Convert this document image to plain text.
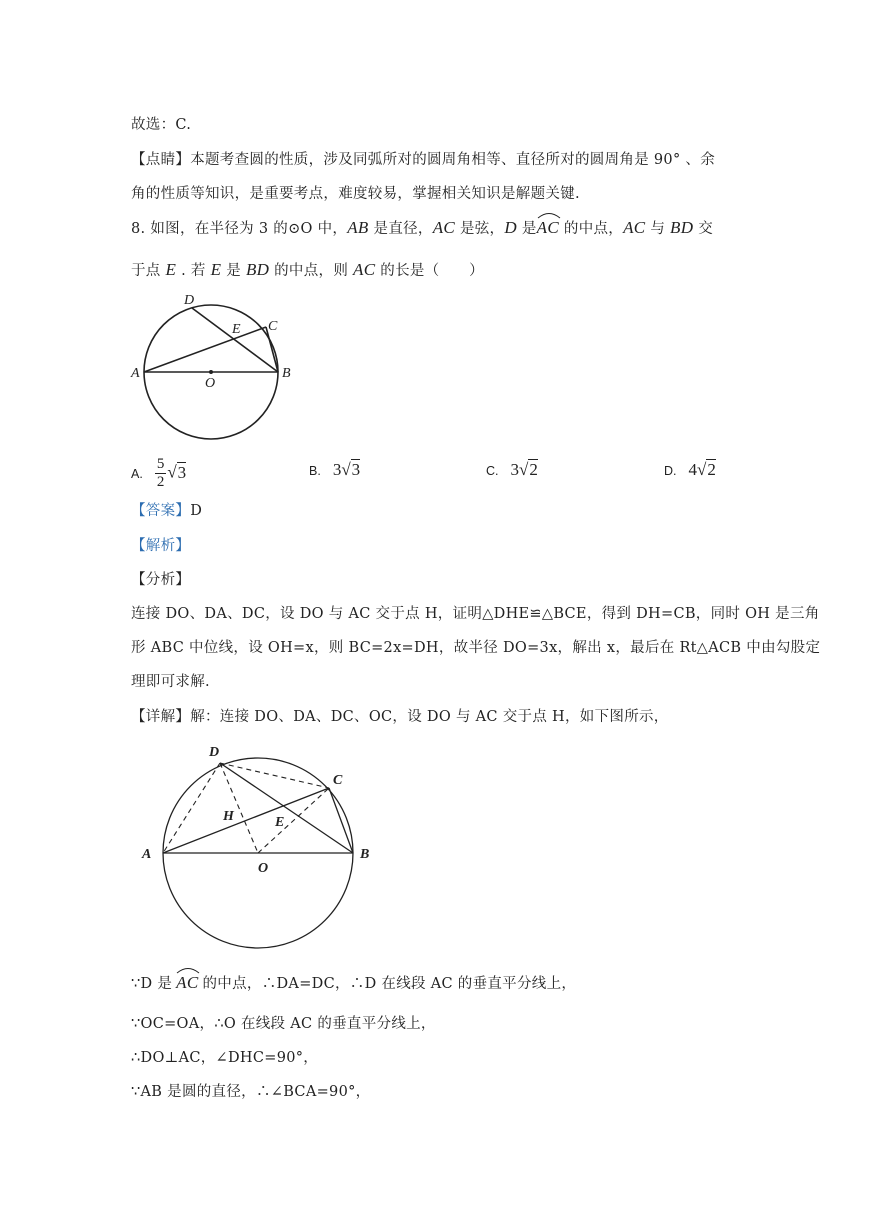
故选：C.
【点睛】本题考查圆的性质，涉及同弧所对的圆周角相等、直径所对的圆周角是 90° 、余
角的性质等知识，是重要考点，难度较易，掌握相关知识是解题关键.
8. 如图，在半径为 3 的⊙O 中，AB 是直径，AC 是弦，D 是
AC 的中点，AC 与 BD 交
于点 E . 若 E 是 BD 的中点，则 AC 的长是（　　）
D
E C
A	B
O
A. $\frac{5}{2} √3$	B. 3√3	C. 3√2	D. 4√2
【答案】D
【解析】
【分析】
连接 DO、DA、DC，设 DO 与 AC 交于点 H，证明△DHE≌△BCE，得到 DH=CB，同时 OH 是三角
形 ABC 中位线，设 OH=x，则 BC=2x=DH，故半径 DO=3x，解出 x，最后在 Rt△ACB 中由勾股定
理即可求解.
【详解】解：连接 DO、DA、DC、OC，设 DO 与 AC 交于点 H，如下图所示，
D
C
H	E
A	B
O
∵D 是 AC 的中点，∴DA=DC，∴D 在线段 AC 的垂直平分线上，
∵OC=OA，∴O 在线段 AC 的垂直平分线上，
∴DO⊥AC，∠DHC=90°，
∵AB 是圆的直径，∴∠BCA=90°，
